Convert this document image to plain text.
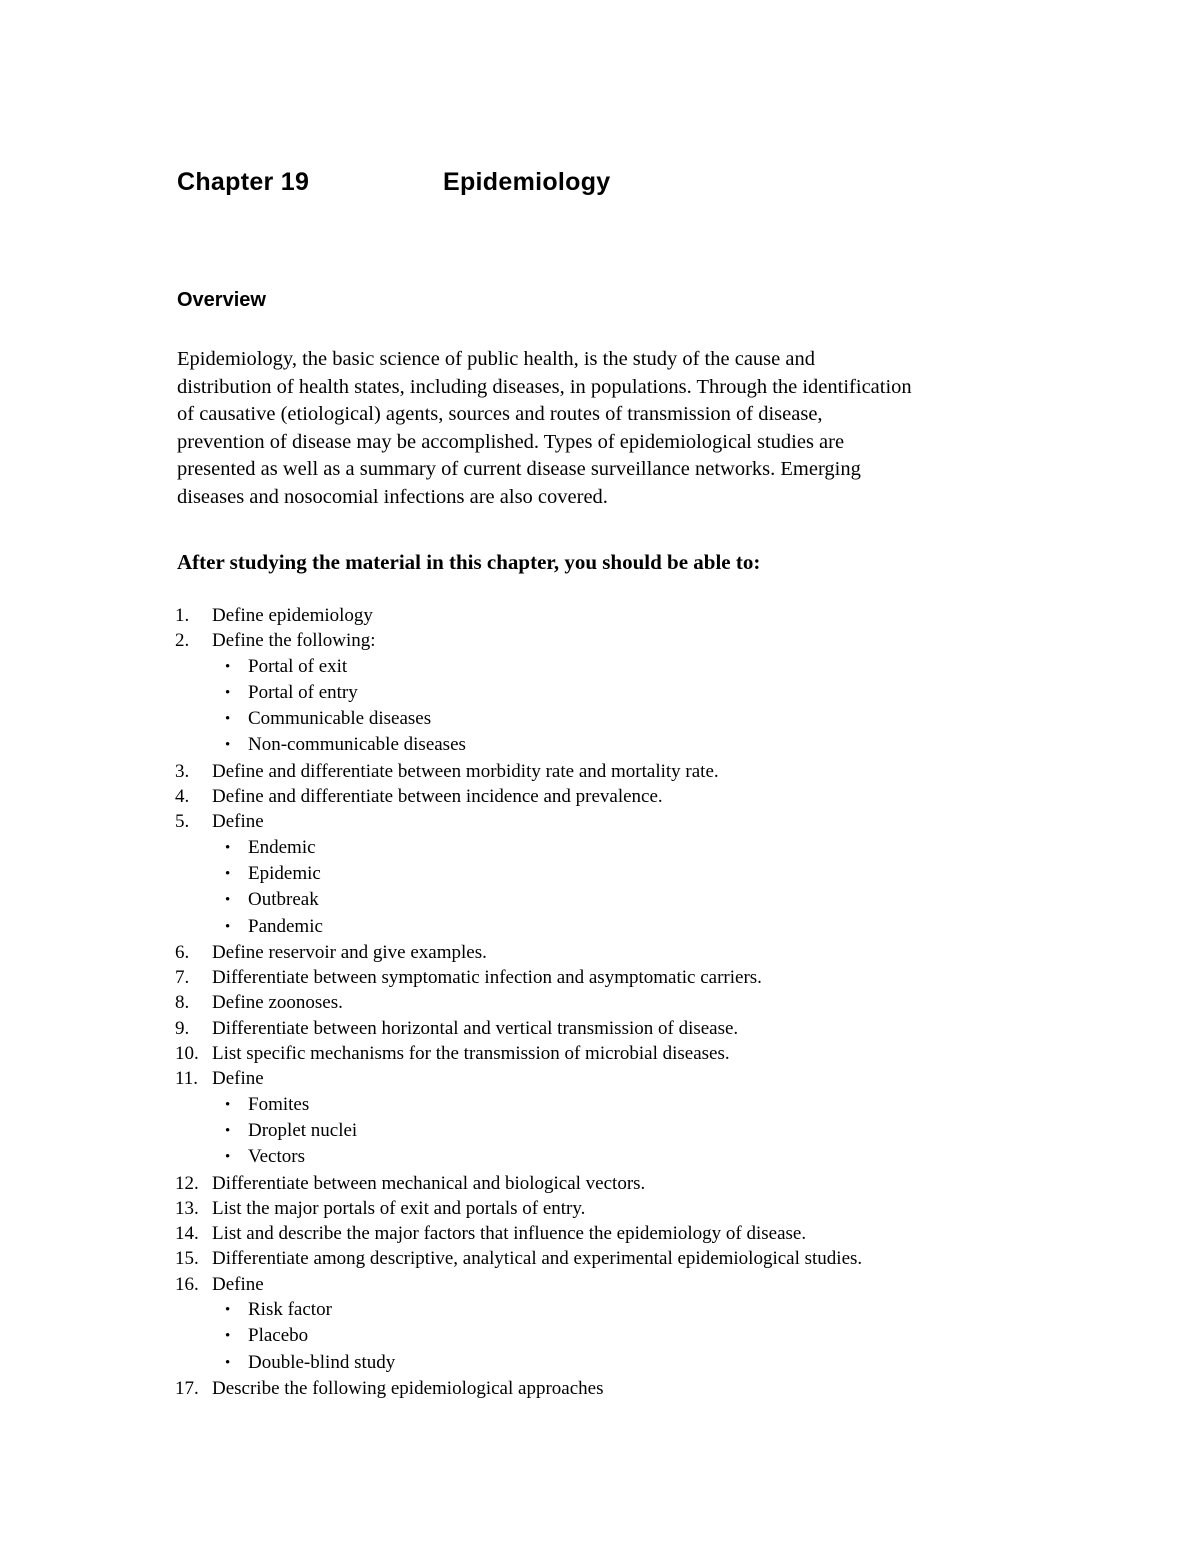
Chapter 19	Epidemiology
Overview
Epidemiology, the basic science of public health, is the study of the cause and
distribution of health states, including diseases, in populations. Through the identification
of causative (etiological) agents, sources and routes of transmission of disease,
prevention of disease may be accomplished. Types of epidemiological studies are
presented as well as a summary of current disease surveillance networks. Emerging
diseases and nosocomial infections are also covered.
After studying the material in this chapter, you should be able to:
1. Define epidemiology
2. Define the following:
• Portal of exit
• Portal of entry
• Communicable diseases
• Non-communicable diseases
3. Define and differentiate between morbidity rate and mortality rate.
4. Define and differentiate between incidence and prevalence.
5. Define
• Endemic
• Epidemic
• Outbreak
• Pandemic
6. Define reservoir and give examples.
7. Differentiate between symptomatic infection and asymptomatic carriers.
8. Define zoonoses.
9. Differentiate between horizontal and vertical transmission of disease.
10. List specific mechanisms for the transmission of microbial diseases.
11. Define
• Fomites
• Droplet nuclei
• Vectors
12. Differentiate between mechanical and biological vectors.
13. List the major portals of exit and portals of entry.
14. List and describe the major factors that influence the epidemiology of disease.
15. Differentiate among descriptive, analytical and experimental epidemiological studies.
16. Define
• Risk factor
• Placebo
• Double-blind study
17. Describe the following epidemiological approaches
